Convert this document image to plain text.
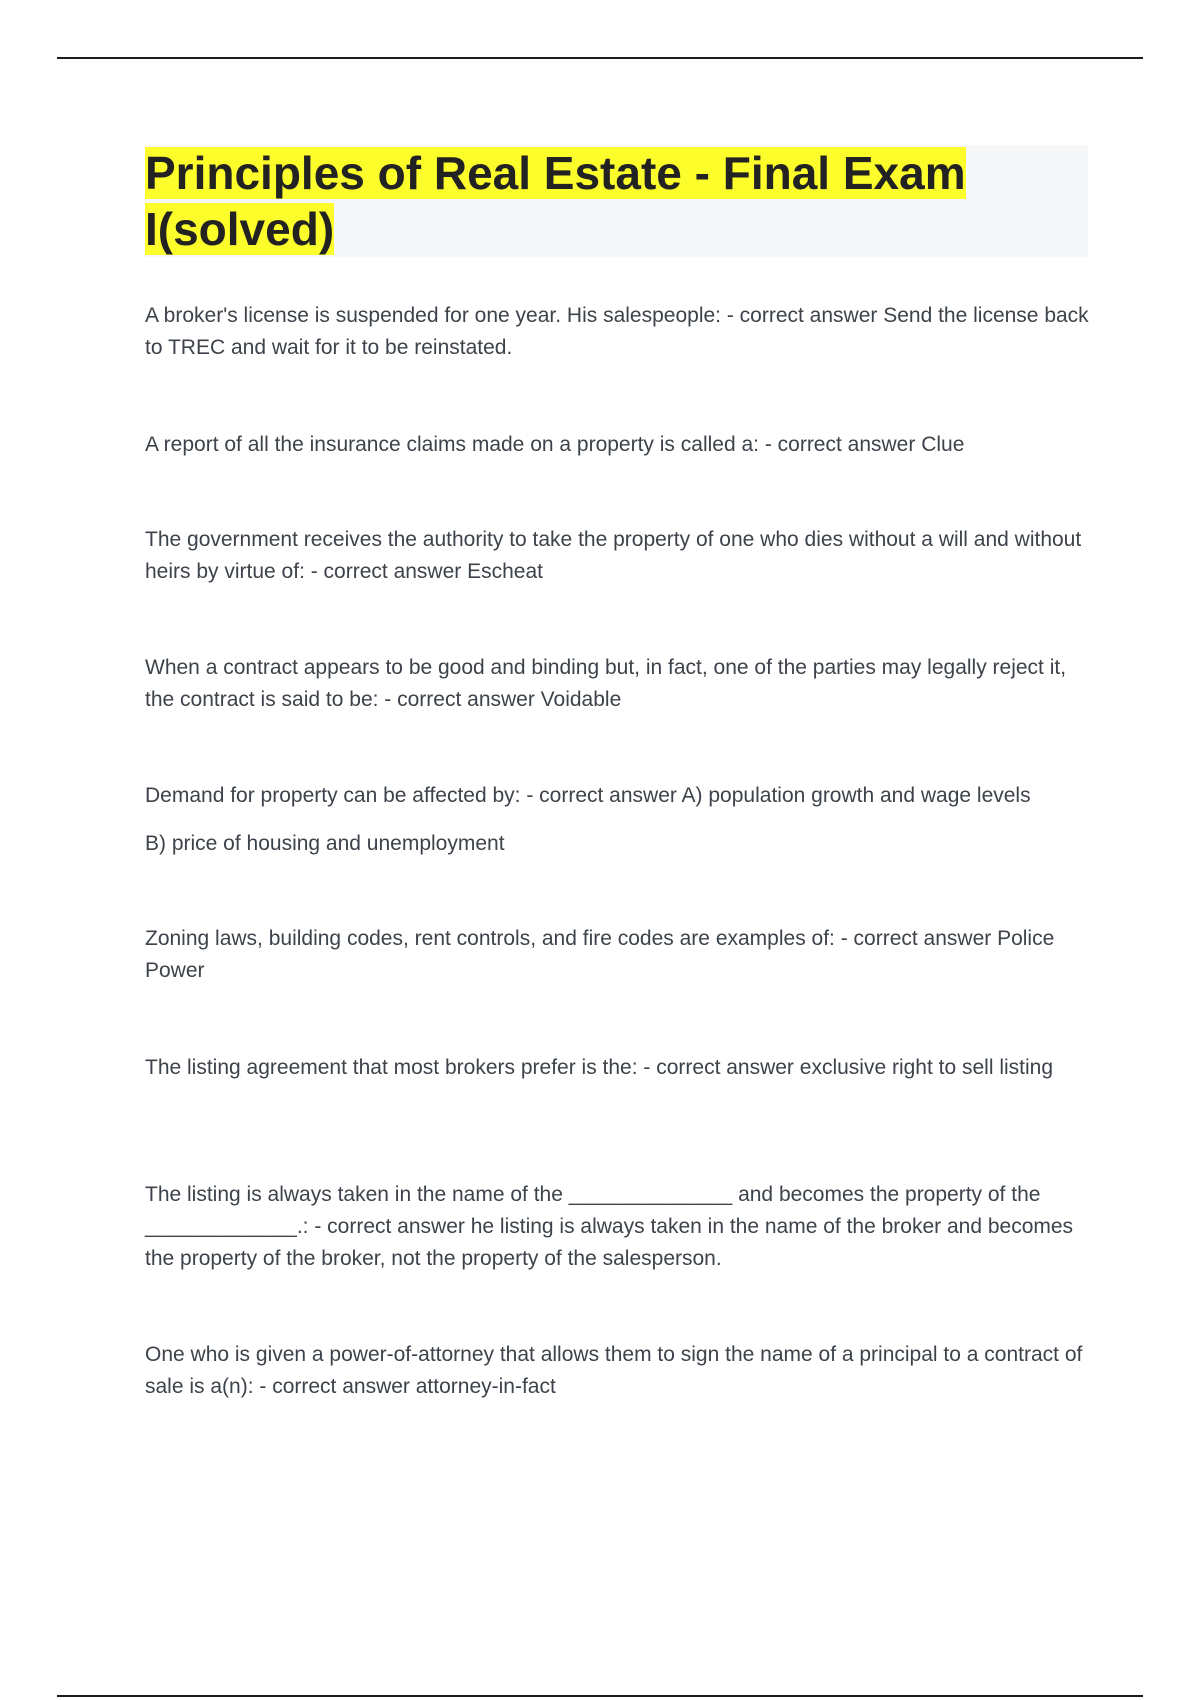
Principles of Real Estate - Final Exam I(solved)

A broker's license is suspended for one year. His salespeople: - correct answer Send the license back to TREC and wait for it to be reinstated.

A report of all the insurance claims made on a property is called a: - correct answer Clue

The government receives the authority to take the property of one who dies without a will and without heirs by virtue of: - correct answer Escheat

When a contract appears to be good and binding but, in fact, one of the parties may legally reject it, the contract is said to be: - correct answer Voidable

Demand for property can be affected by: - correct answer A) population growth and wage levels
B) price of housing and unemployment

Zoning laws, building codes, rent controls, and fire codes are examples of: - correct answer Police Power

The listing agreement that most brokers prefer is the: - correct answer exclusive right to sell listing

The listing is always taken in the name of the ______________ and becomes the property of the _____________.: - correct answer he listing is always taken in the name of the broker and becomes the property of the broker, not the property of the salesperson.

One who is given a power-of-attorney that allows them to sign the name of a principal to a contract of sale is a(n): - correct answer attorney-in-fact
